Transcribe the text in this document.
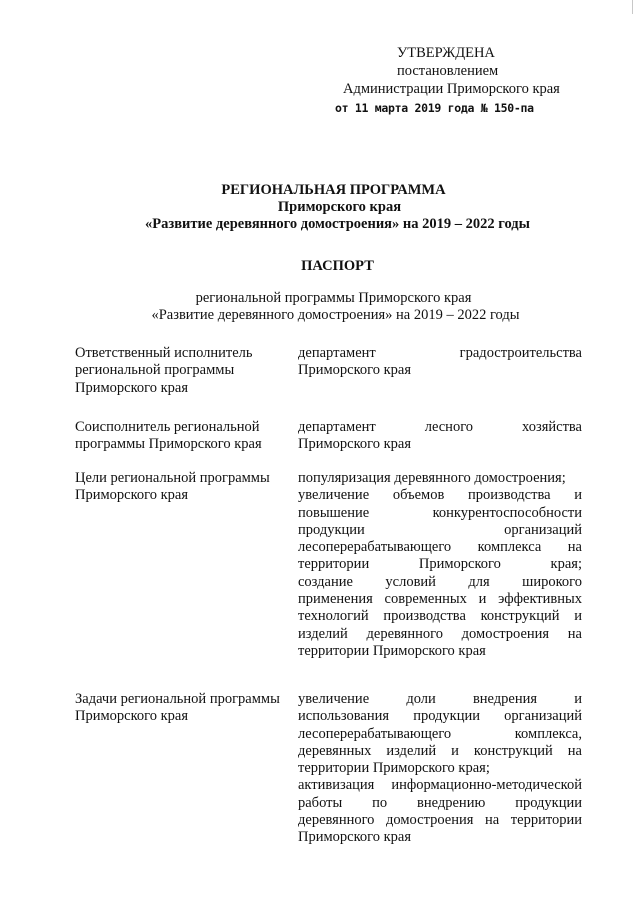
УТВЕРЖДЕНА
постановлением
Администрации Приморского края
от 11 марта 2019 года № 150-па
РЕГИОНАЛЬНАЯ ПРОГРАММА
Приморского края
«Развитие деревянного домостроения» на 2019 – 2022 годы
ПАСПОРТ
региональной программы Приморского края
«Развитие деревянного домостроения» на 2019 – 2022 годы
Ответственный исполнитель
региональной программы
Приморского края
департамент градостроительства
Приморского края
Соисполнитель региональной
программы Приморского края
департамент лесного хозяйства
Приморского края
Цели региональной программы
Приморского края
популяризация деревянного домостроения;
увеличение объемов производства и
повышение конкурентоспособности
продукции организаций
лесоперерабатывающего комплекса на
территории Приморского края;
создание условий для широкого
применения современных и эффективных
технологий производства конструкций и
изделий деревянного домостроения на
территории Приморского края
Задачи региональной программы
Приморского края
увеличение доли внедрения и
использования продукции организаций
лесоперерабатывающего комплекса,
деревянных изделий и конструкций на
территории Приморского края;
активизация информационно-методической
работы по внедрению продукции
деревянного домостроения на территории
Приморского края
